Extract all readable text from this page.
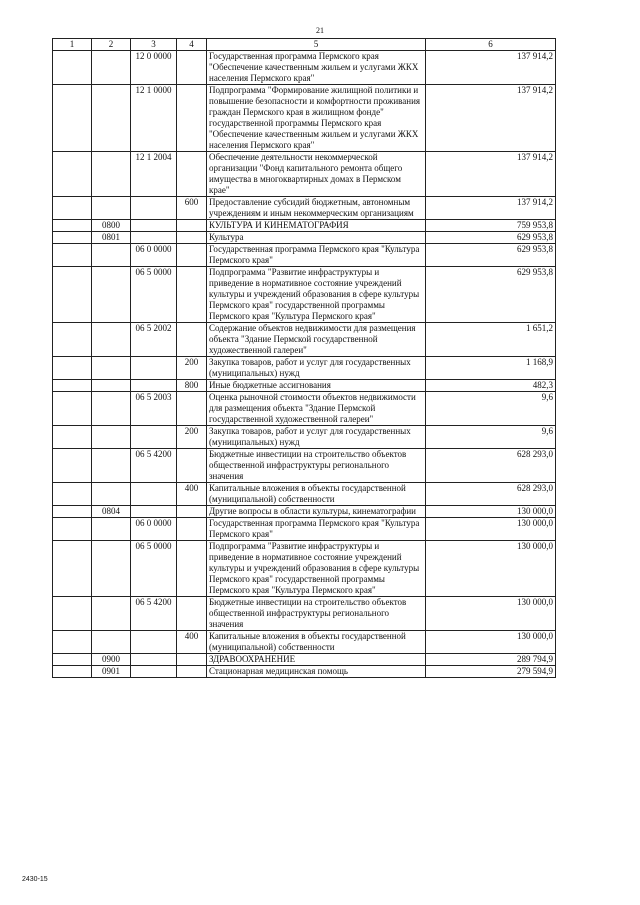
21
1	2	3	4	5	6
		12 0 0000		Государственная программа Пермского края "Обеспечение качественным жильем и услугами ЖКХ населения Пермского края"	137 914,2
		12 1 0000		Подпрограмма "Формирование жилищной политики и повышение безопасности и комфортности проживания граждан Пермского края в жилищном фонде" государственной программы Пермского края "Обеспечение качественным жильем и услугами ЖКХ населения Пермского края"	137 914,2
		12 1 2004		Обеспечение деятельности некоммерческой организации "Фонд капитального ремонта общего имущества в многоквартирных домах в Пермском крае"	137 914,2
			600	Предоставление субсидий бюджетным, автономным учреждениям и иным некоммерческим организациям	137 914,2
	0800			КУЛЬТУРА И КИНЕМАТОГРАФИЯ	759 953,8
	0801			Культура	629 953,8
		06 0 0000		Государственная программа Пермского края "Культура Пермского края"	629 953,8
		06 5 0000		Подпрограмма "Развитие инфраструктуры и приведение в нормативное состояние учреждений культуры и учреждений образования в сфере культуры Пермского края" государственной программы Пермского края "Культура Пермского края"	629 953,8
		06 5 2002		Содержание объектов недвижимости для размещения объекта "Здание Пермской государственной художественной галереи"	1 651,2
			200	Закупка товаров, работ и услуг для государственных (муниципальных) нужд	1 168,9
			800	Иные бюджетные ассигнования	482,3
		06 5 2003		Оценка рыночной стоимости объектов недвижимости для размещения объекта "Здание Пермской государственной художественной галереи"	9,6
			200	Закупка товаров, работ и услуг для государственных (муниципальных) нужд	9,6
		06 5 4200		Бюджетные инвестиции на строительство объектов общественной инфраструктуры регионального значения	628 293,0
			400	Капитальные вложения в объекты государственной (муниципальной) собственности	628 293,0
	0804			Другие вопросы в области культуры, кинематографии	130 000,0
		06 0 0000		Государственная программа Пермского края "Культура Пермского края"	130 000,0
		06 5 0000		Подпрограмма "Развитие инфраструктуры и приведение в нормативное состояние учреждений культуры и учреждений образования в сфере культуры Пермского края" государственной программы Пермского края "Культура Пермского края"	130 000,0
		06 5 4200		Бюджетные инвестиции на строительство объектов общественной инфраструктуры регионального значения	130 000,0
			400	Капитальные вложения в объекты государственной (муниципальной) собственности	130 000,0
	0900			ЗДРАВООХРАНЕНИЕ	289 794,9
	0901			Стационарная медицинская помощь	279 594,9
2430-15
